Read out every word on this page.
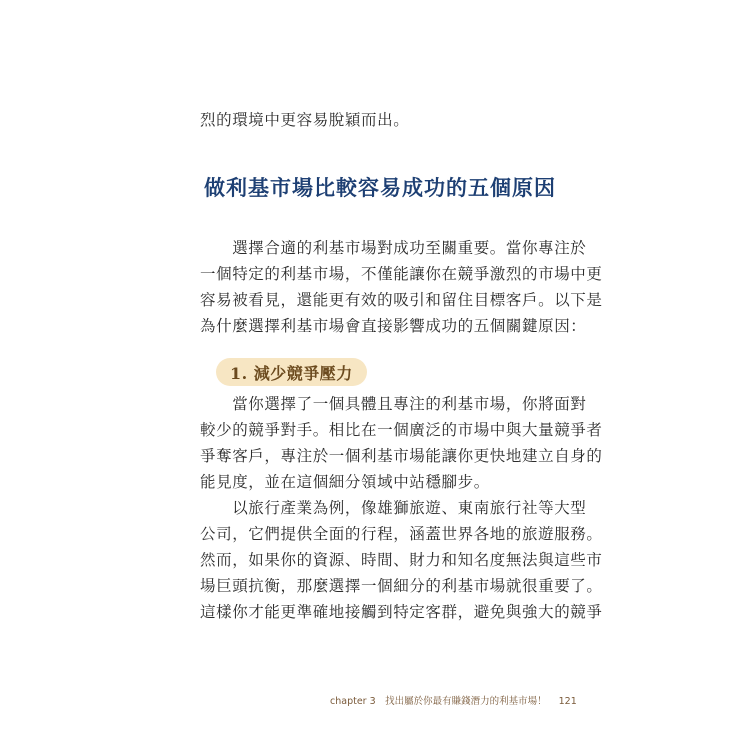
烈的環境中更容易脫穎而出。
做利基市場比較容易成功的五個原因
　　選擇合適的利基市場對成功至關重要。當你專注於
一個特定的利基市場，不僅能讓你在競爭激烈的市場中更
容易被看見，還能更有效的吸引和留住目標客戶。以下是
為什麼選擇利基市場會直接影響成功的五個關鍵原因：
1. 減少競爭壓力
　　當你選擇了一個具體且專注的利基市場，你將面對
較少的競爭對手。相比在一個廣泛的市場中與大量競爭者
爭奪客戶，專注於一個利基市場能讓你更快地建立自身的
能見度，並在這個細分領域中站穩腳步。
　　以旅行產業為例，像雄獅旅遊、東南旅行社等大型
公司，它們提供全面的行程，涵蓋世界各地的旅遊服務。
然而，如果你的資源、時間、財力和知名度無法與這些市
場巨頭抗衡，那麼選擇一個細分的利基市場就很重要了。
這樣你才能更準確地接觸到特定客群，避免與強大的競爭
chapter 3　找出屬於你最有賺錢潛力的利基市場！ 121
